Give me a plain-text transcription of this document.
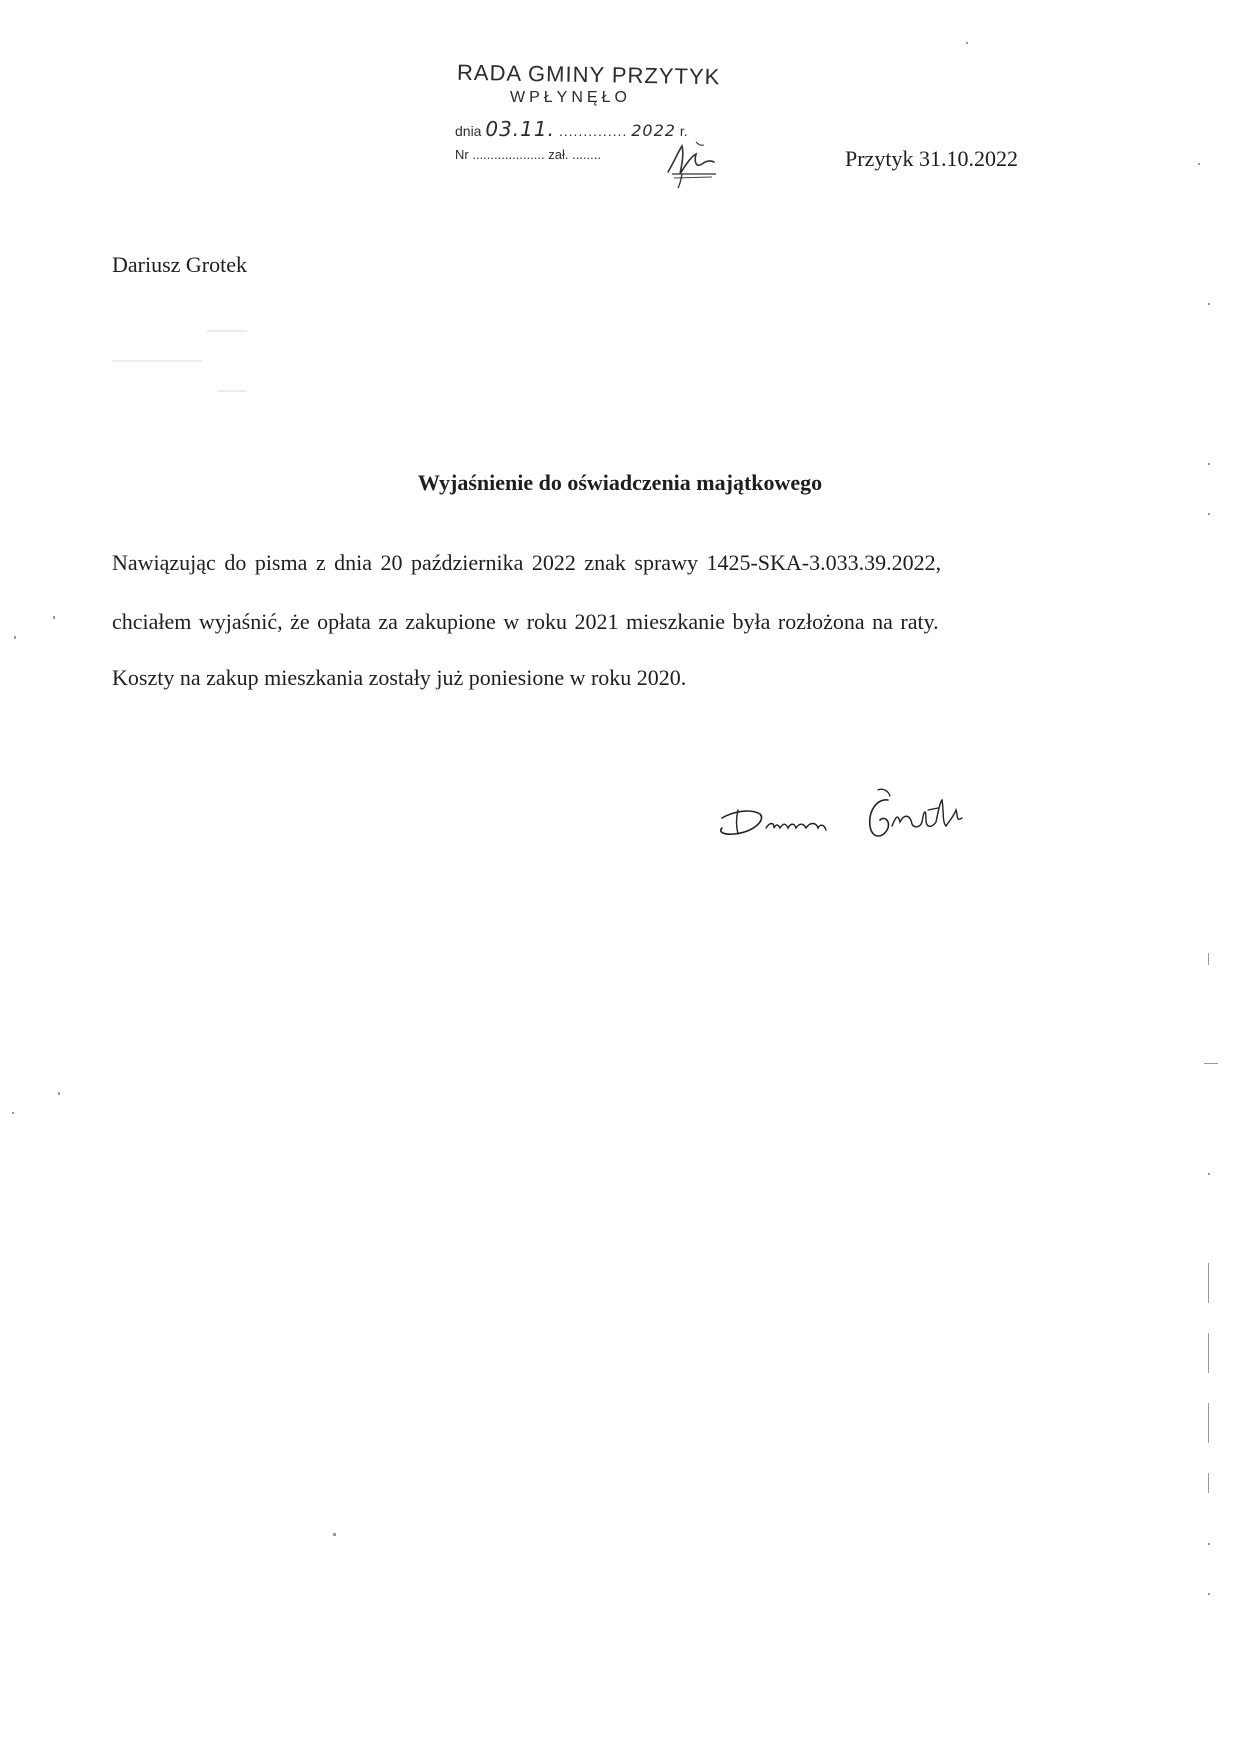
RADA GMINY PRZYTYK
WPŁYNĘŁO
dnia 03.11. .............. 2022 r.
Nr .................... zał. ........	Przytyk 31.10.2022
Dariusz Grotek
Wyjaśnienie do oświadczenia majątkowego
Nawiązując do pisma z dnia 20 października 2022 znak sprawy 1425-SKA-3.033.39.2022,
chciałem wyjaśnić, że opłata za zakupione w roku 2021 mieszkanie była rozłożona na raty.
Koszty na zakup mieszkania zostały już poniesione w roku 2020.
